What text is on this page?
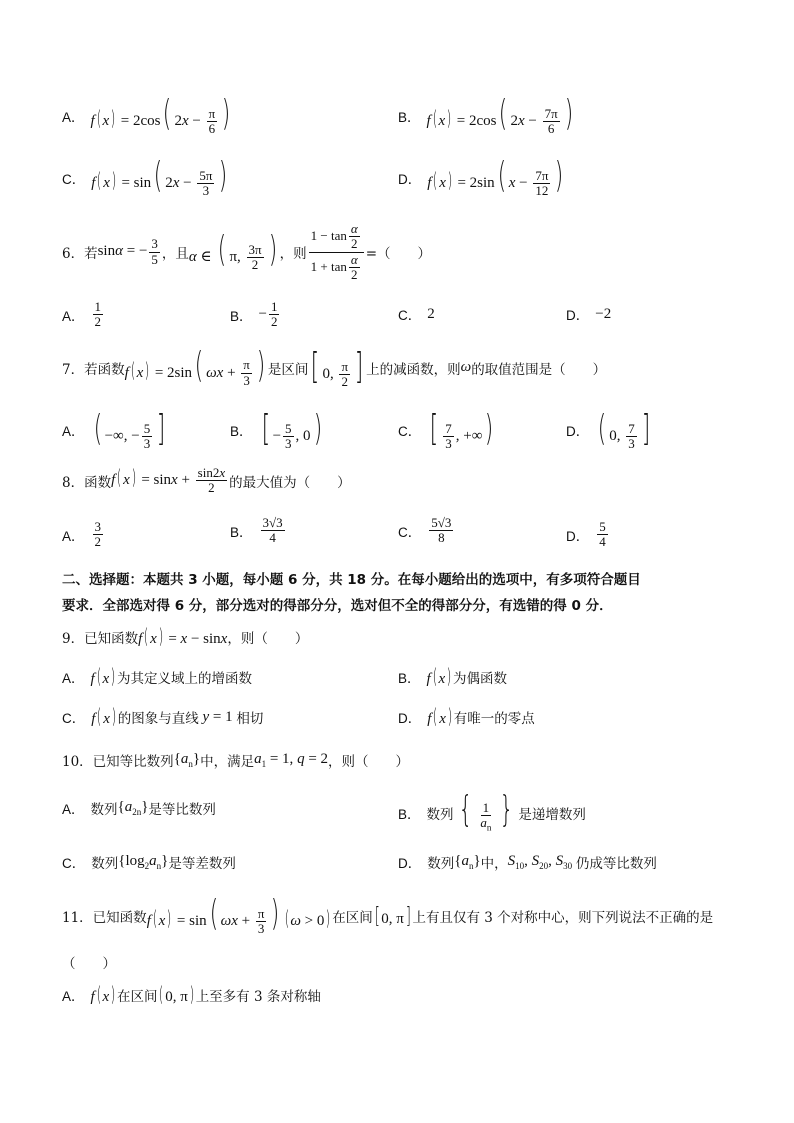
A． f( x) = 2cos( $2x - \frac{\pi}{6}$ )	B． f( x) = 2cos( $2x - \frac{7\pi}{6}$ )
C． f( x) = sin( $2x - \frac{5\pi}{3}$ )	D． f( x) = 2sin( $x - \frac{7\pi}{12}$ )
6．若 sinα = − $\frac{3}{5}$ ，且 α ∈ ( π, $\frac{3\pi}{2}$ ) ，则 $\frac{1 - \tan \frac{\alpha}{2}}{1 + \tan \frac{\alpha}{2}}$ =（　　）
A． $\frac{1}{2}$	B． − $\frac{1}{2}$	C． 2	D． −2
7．若函数 f( x) = 2sin( $\omega x + \frac{\pi}{3}$ ) 是区间 [ 0, $\frac{\pi}{2}$ ] 上的减函数，则 ω 的取值范围是（　　）
A． ( −∞, − $\frac{5}{3}$ ]	B． [ − $\frac{5}{3}$ , 0)	C． [ $\frac{7}{3}$ , +∞)	D． ( 0, $\frac{7}{3}$ ]
8．函数 f( $x) = \sin x + \frac{\sin 2x}{2}$ 的最大值为（　　）
A． $\frac{3}{2}$	B． $\frac{3√3}{4}$	C． $\frac{5√3}{8}$	D． $\frac{5}{4}$
二、选择题：本题共 3 小题，每小题 6 分，共 18 分。在每小题给出的选项中，有多项符合题目
要求．全部选对得 6 分，部分选对的得部分分，选对但不全的得部分分，有选错的得 0 分．
9．已知函数 f( x) = x − sinx ，则（　　）
A． f( x) 为其定义域上的增函数	B． f( x) 为偶函数
C． f( x) 的图象与直线 y = 1 相切	D． f( x) 有唯一的零点
10．已知等比数列 $\{a_n\}$ 中，满足 $a_1 = 1$, q = 2 ，则（　　）
A． 数列 $\{a_{2n}\}$ 是等比数列	B． 数列 { $\frac{1}{a_n}$ } 是递增数列
C． 数列 $\{\log_2a_n\}$ 是等差数列	D． 数列 $\{a_n\}$ 中， $S_{10}$, $S_{20}$, $S_{30}$ 仍成等比数列
11．已知函数 f( x) = sin( $\omega x + \frac{\pi}{3}$ ) ( ω > 0) 在区间 [ 0, π] 上有且仅有 3 个对称中心，则下列说法不正确的是
（　　）
A． f( x) 在区间 ( 0, π) 上至多有 3 条对称轴
